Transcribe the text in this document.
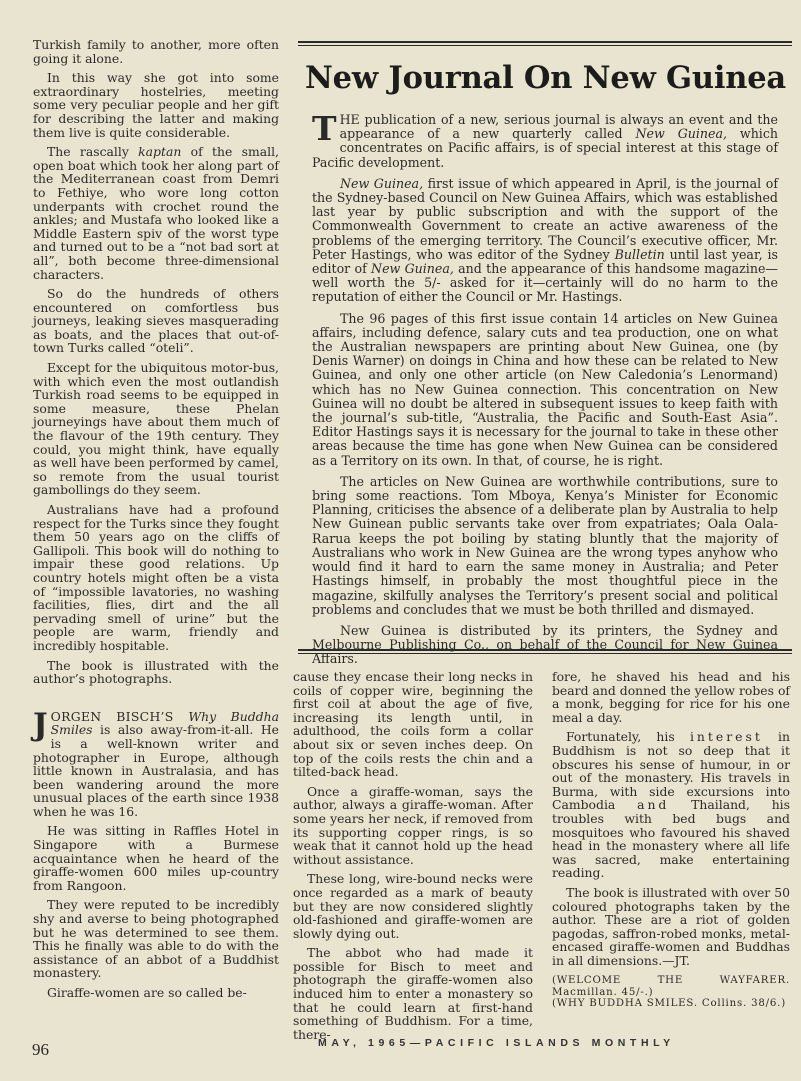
Turkish family to another, more often going it alone.

In this way she got into some extraordinary hostelries, meeting some very peculiar people and her gift for describing the latter and making them live is quite considerable.

The rascally kaptan of the small, open boat which took her along part of the Mediterranean coast from Demri to Fethiye, who wore long cotton underpants with crochet round the ankles; and Mustafa who looked like a Middle Eastern spiv of the worst type and turned out to be a “not bad sort at all”, both become three-dimensional characters.

So do the hundreds of others encountered on comfortless bus journeys, leaking sieves masquerading as boats, and the places that out-of-town Turks called “oteli”.

Except for the ubiquitous motor-bus, with which even the most outlandish Turkish road seems to be equipped in some measure, these Phelan journeyings have about them much of the flavour of the 19th century. They could, you might think, have equally as well have been performed by camel, so remote from the usual tourist gambollings do they seem.

Australians have had a profound respect for the Turks since they fought them 50 years ago on the cliffs of Gallipoli. This book will do nothing to impair these good relations. Up country hotels might often be a vista of “impossible lavatories, no washing facilities, flies, dirt and the all pervading smell of urine” but the people are warm, friendly and incredibly hospitable.

The book is illustrated with the author’s photographs.

JORGEN BISCH’S Why Buddha Smiles is also away-from-it-all. He is a well-known writer and photographer in Europe, although little known in Australasia, and has been wandering around the more unusual places of the earth since 1938 when he was 16.

He was sitting in Raffles Hotel in Singapore with a Burmese acquaintance when he heard of the giraffe-women 600 miles up-country from Rangoon.

They were reputed to be incredibly shy and averse to being photographed but he was determined to see them. This he finally was able to do with the assistance of an abbot of a Buddhist monastery.

Giraffe-women are so called be-

New Journal On New Guinea

THE publication of a new, serious journal is always an event and the appearance of a new quarterly called New Guinea, which concentrates on Pacific affairs, is of special interest at this stage of Pacific development.

New Guinea, first issue of which appeared in April, is the journal of the Sydney-based Council on New Guinea Affairs, which was established last year by public subscription and with the support of the Commonwealth Government to create an active awareness of the problems of the emerging territory. The Council’s executive officer, Mr. Peter Hastings, who was editor of the Sydney Bulletin until last year, is editor of New Guinea, and the appearance of this handsome magazine—well worth the 5/- asked for it—certainly will do no harm to the reputation of either the Council or Mr. Hastings.

The 96 pages of this first issue contain 14 articles on New Guinea affairs, including defence, salary cuts and tea production, one on what the Australian newspapers are printing about New Guinea, one (by Denis Warner) on doings in China and how these can be related to New Guinea, and only one other article (on New Caledonia’s Lenormand) which has no New Guinea connection. This concentration on New Guinea will no doubt be altered in subsequent issues to keep faith with the journal’s sub-title, “Australia, the Pacific and South-East Asia”. Editor Hastings says it is necessary for the journal to take in these other areas because the time has gone when New Guinea can be considered as a Territory on its own. In that, of course, he is right.

The articles on New Guinea are worthwhile contributions, sure to bring some reactions. Tom Mboya, Kenya’s Minister for Economic Planning, criticises the absence of a deliberate plan by Australia to help New Guinean public servants take over from expatriates; Oala Oala-Rarua keeps the pot boiling by stating bluntly that the majority of Australians who work in New Guinea are the wrong types anyhow who would find it hard to earn the same money in Australia; and Peter Hastings himself, in probably the most thoughtful piece in the magazine, skilfully analyses the Territory’s present social and political problems and concludes that we must be both thrilled and dismayed.

New Guinea is distributed by its printers, the Sydney and Melbourne Publishing Co., on behalf of the Council for New Guinea Affairs.

cause they encase their long necks in coils of copper wire, beginning the first coil at about the age of five, increasing its length until, in adulthood, the coils form a collar about six or seven inches deep. On top of the coils rests the chin and a tilted-back head.

Once a giraffe-woman, says the author, always a giraffe-woman. After some years her neck, if removed from its supporting copper rings, is so weak that it cannot hold up the head without assistance.

These long, wire-bound necks were once regarded as a mark of beauty but they are now considered slightly old-fashioned and giraffe-women are slowly dying out.

The abbot who had made it possible for Bisch to meet and photograph the giraffe-women also induced him to enter a monastery so that he could learn at first-hand something of Buddhism. For a time, there-

fore, he shaved his head and his beard and donned the yellow robes of a monk, begging for rice for his one meal a day.

Fortunately, his interest in Buddhism is not so deep that it obscures his sense of humour, in or out of the monastery. His travels in Burma, with side excursions into Cambodia and Thailand, his troubles with bed bugs and mosquitoes who favoured his shaved head in the monastery where all life was sacred, make entertaining reading.

The book is illustrated with over 50 coloured photographs taken by the author. These are a riot of golden pagodas, saffron-robed monks, metal-encased giraffe-women and Buddhas in all dimensions.—JT.

(WELCOME THE WAYFARER. Macmillan. 45/-.)
(WHY BUDDHA SMILES. Collins. 38/6.)
96	MAY, 1965—PACIFIC ISLANDS MONTHLY
